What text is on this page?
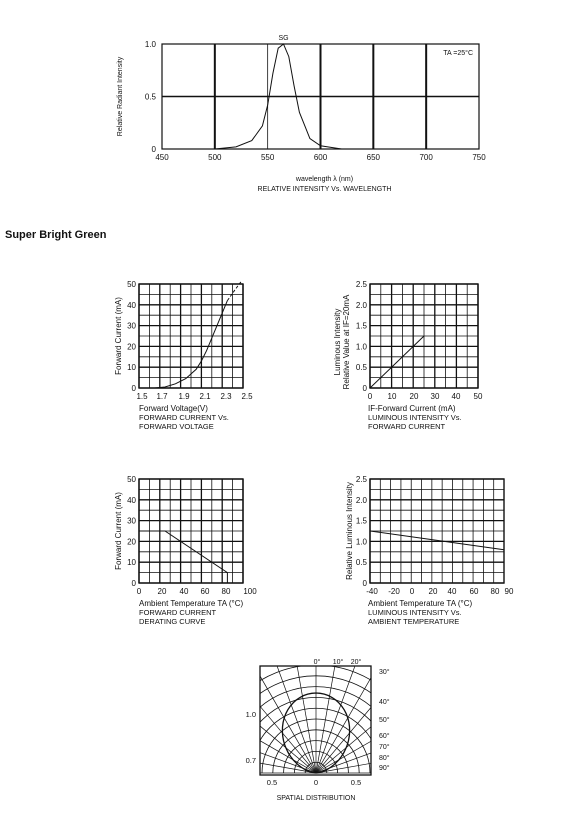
Super Bright Green
450	500	550	600	650	700	750
0
0.5
1.0
SG
TA =25°C
Relative Radiant Intensity
wavelength λ (nm)
RELATIVE INTENSITY Vs. WAVELENGTH
1.5 1.7 1.9 2.1 2.3 2.5
0
10
20
30
40
50
Forward Current (mA)
Forward Voltage(V)
FORWARD CURRENT Vs.
FORWARD VOLTAGE
0 10 20 30 40 50
0
0.5
1.0
1.5
2.0
2.5
Luminous Intensity Relative Value at IF=20mA
IF-Forward Current (mA)
LUMINOUS INTENSITY Vs.
FORWARD CURRENT
0 20 40 60 80 100
0
10
20
30
40
50
Forward Current (mA)
Ambient Temperature TA (°C)
FORWARD CURRENT
DERATING CURVE
-40 -20 0 20 40 60 80 90
0
0.5
1.0
1.5
2.0
2.5
Relative Luminous Intensity
Ambient Temperature TA (°C)
LUMINOUS INTENSITY Vs.
AMBIENT TEMPERATURE
0° 10° 20°
30°
40°
50°
60°
70°
80°
90°
1.0
0.7
0.5	0	0.5
SPATIAL DISTRIBUTION
